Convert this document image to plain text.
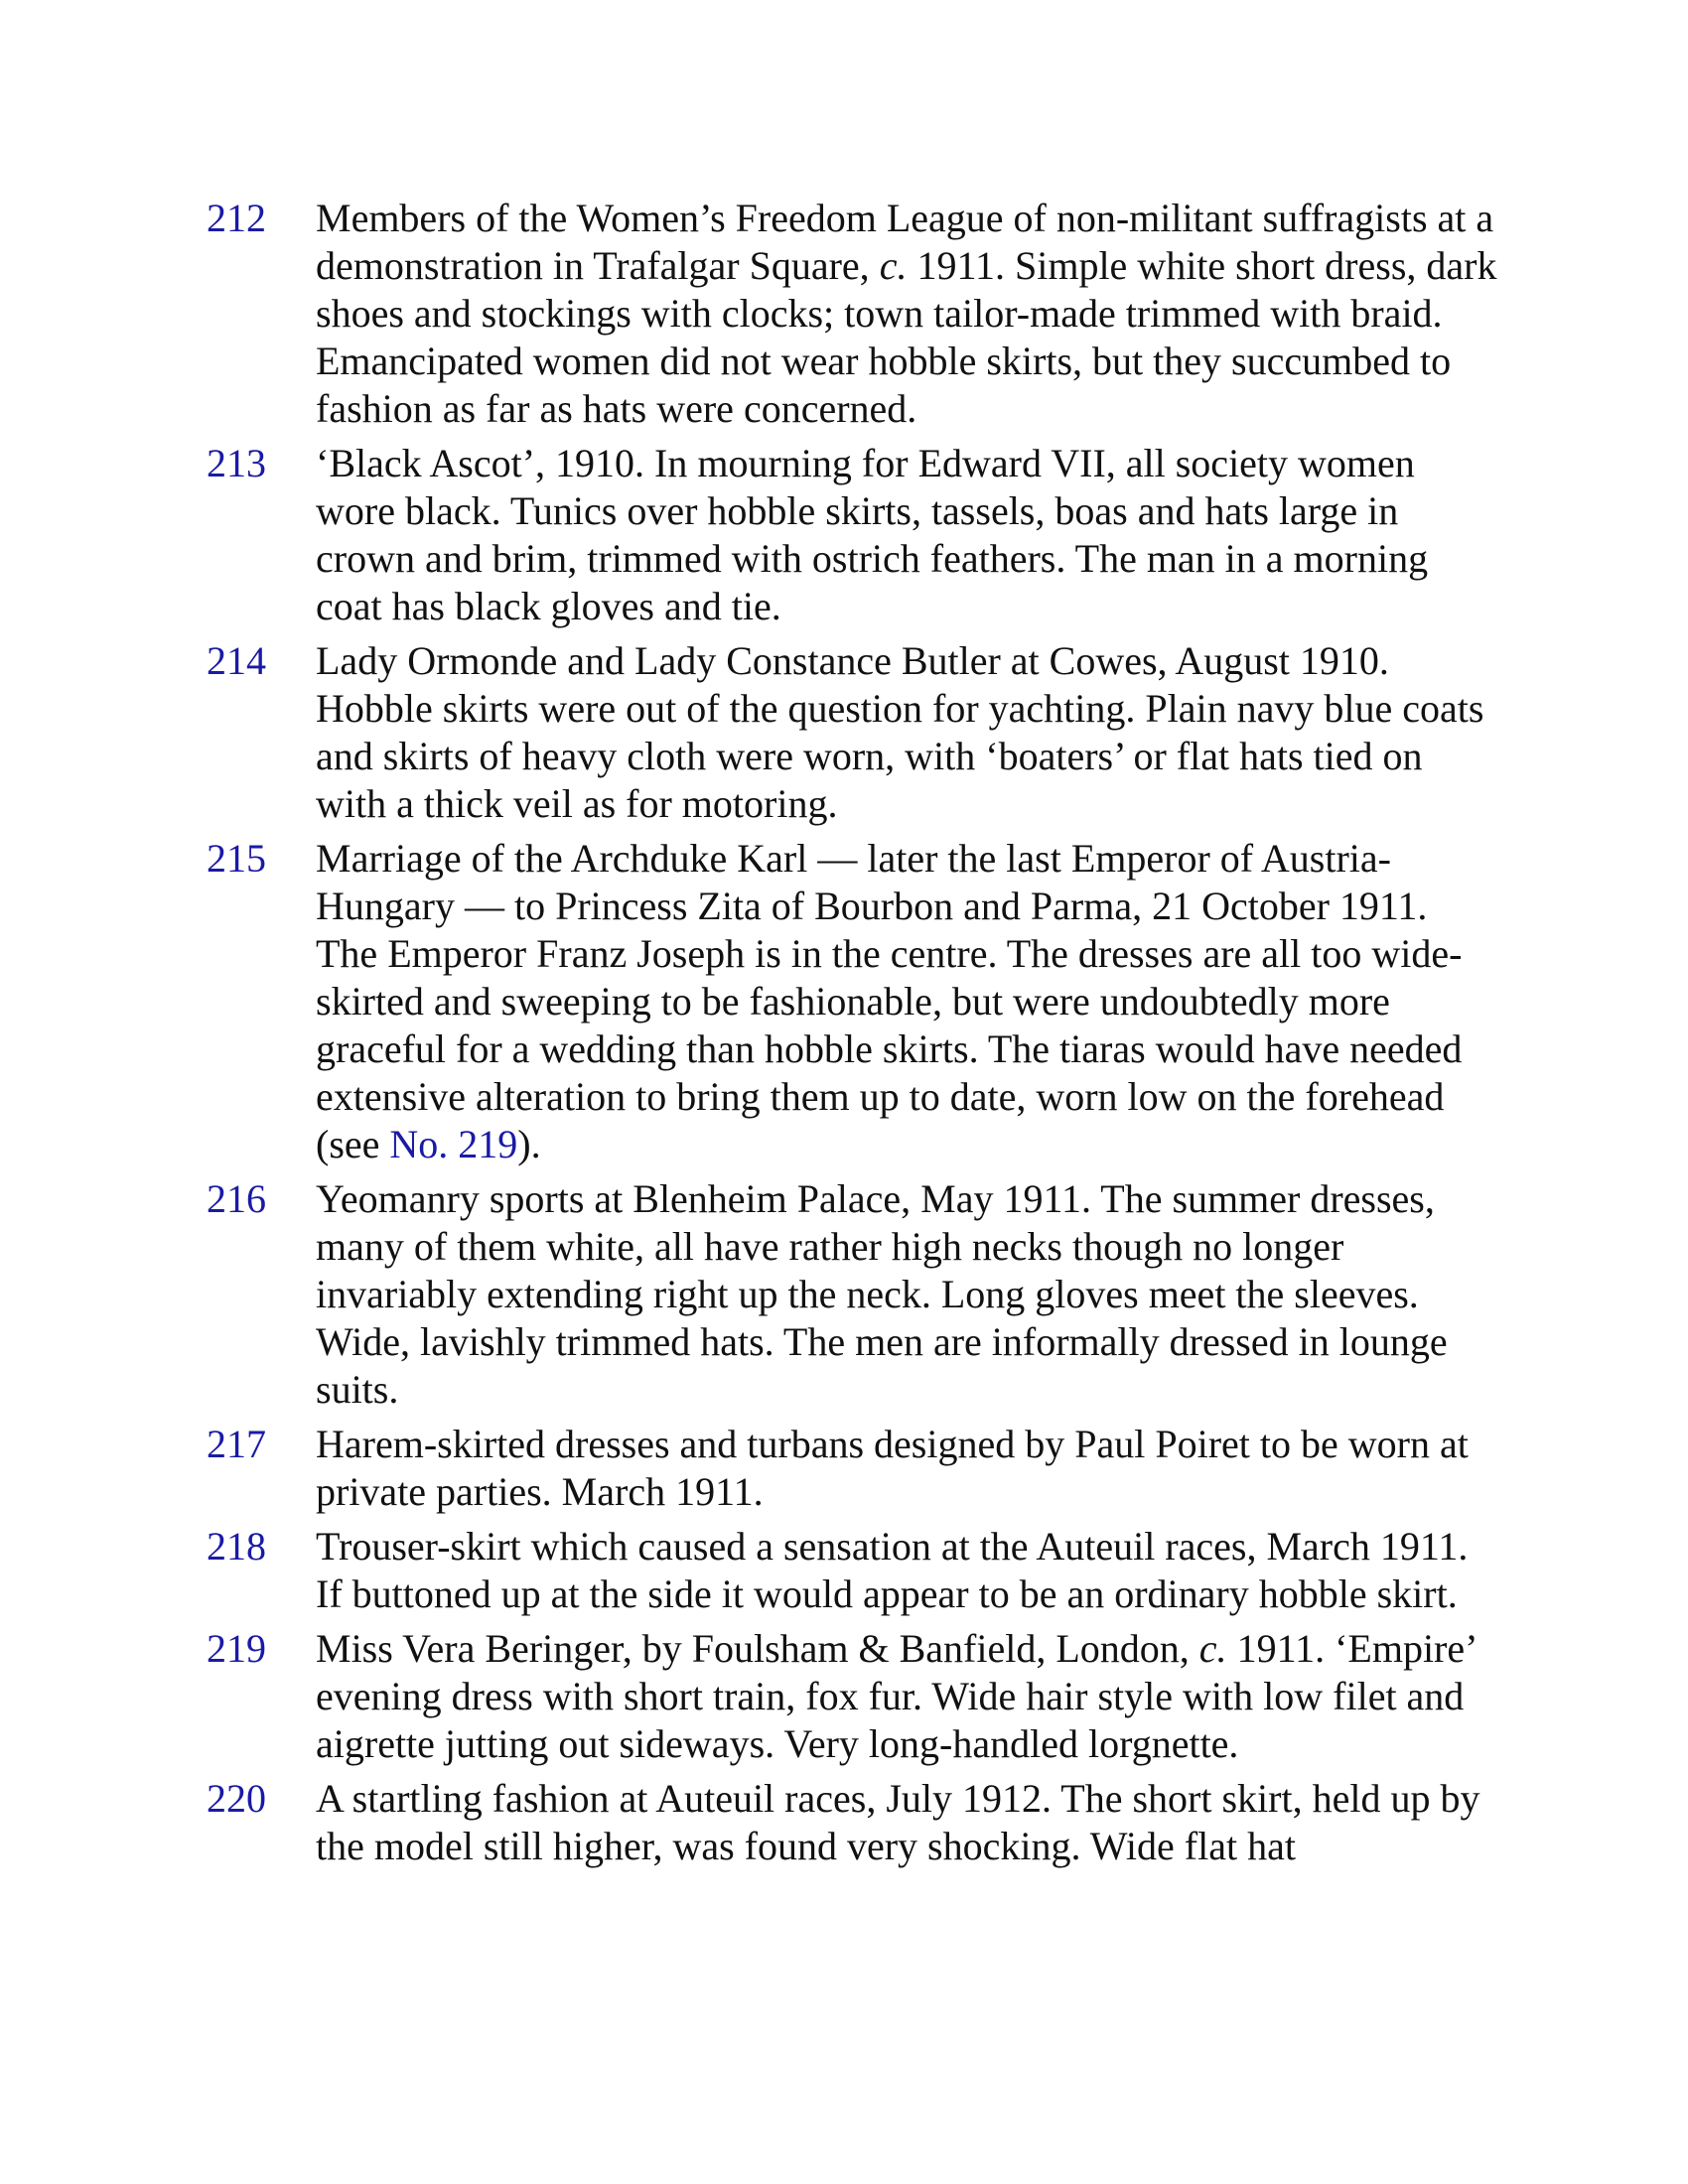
212	Members of the Women’s Freedom League of non-militant suffragists at a demonstration in Trafalgar Square, c. 1911. Simple white short dress, dark shoes and stockings with clocks; town tailor-made trimmed with braid. Emancipated women did not wear hobble skirts, but they succumbed to fashion as far as hats were concerned.

213	‘Black Ascot’, 1910. In mourning for Edward VII, all society women wore black. Tunics over hobble skirts, tassels, boas and hats large in crown and brim, trimmed with ostrich feathers. The man in a morning coat has black gloves and tie.

214	Lady Ormonde and Lady Constance Butler at Cowes, August 1910. Hobble skirts were out of the question for yachting. Plain navy blue coats and skirts of heavy cloth were worn, with ‘boaters’ or flat hats tied on with a thick veil as for motoring.

215	Marriage of the Archduke Karl — later the last Emperor of Austria-Hungary — to Princess Zita of Bourbon and Parma, 21 October 1911. The Emperor Franz Joseph is in the centre. The dresses are all too wide-skirted and sweeping to be fashionable, but were undoubtedly more graceful for a wedding than hobble skirts. The tiaras would have needed extensive alteration to bring them up to date, worn low on the forehead (see No. 219).

216	Yeomanry sports at Blenheim Palace, May 1911. The summer dresses, many of them white, all have rather high necks though no longer invariably extending right up the neck. Long gloves meet the sleeves. Wide, lavishly trimmed hats. The men are informally dressed in lounge suits.

217	Harem-skirted dresses and turbans designed by Paul Poiret to be worn at private parties. March 1911.

218	Trouser-skirt which caused a sensation at the Auteuil races, March 1911. If buttoned up at the side it would appear to be an ordinary hobble skirt.

219	Miss Vera Beringer, by Foulsham & Banfield, London, c. 1911. ‘Empire’ evening dress with short train, fox fur. Wide hair style with low filet and aigrette jutting out sideways. Very long-handled lorgnette.

220	A startling fashion at Auteuil races, July 1912. The short skirt, held up by the model still higher, was found very shocking. Wide flat hat
